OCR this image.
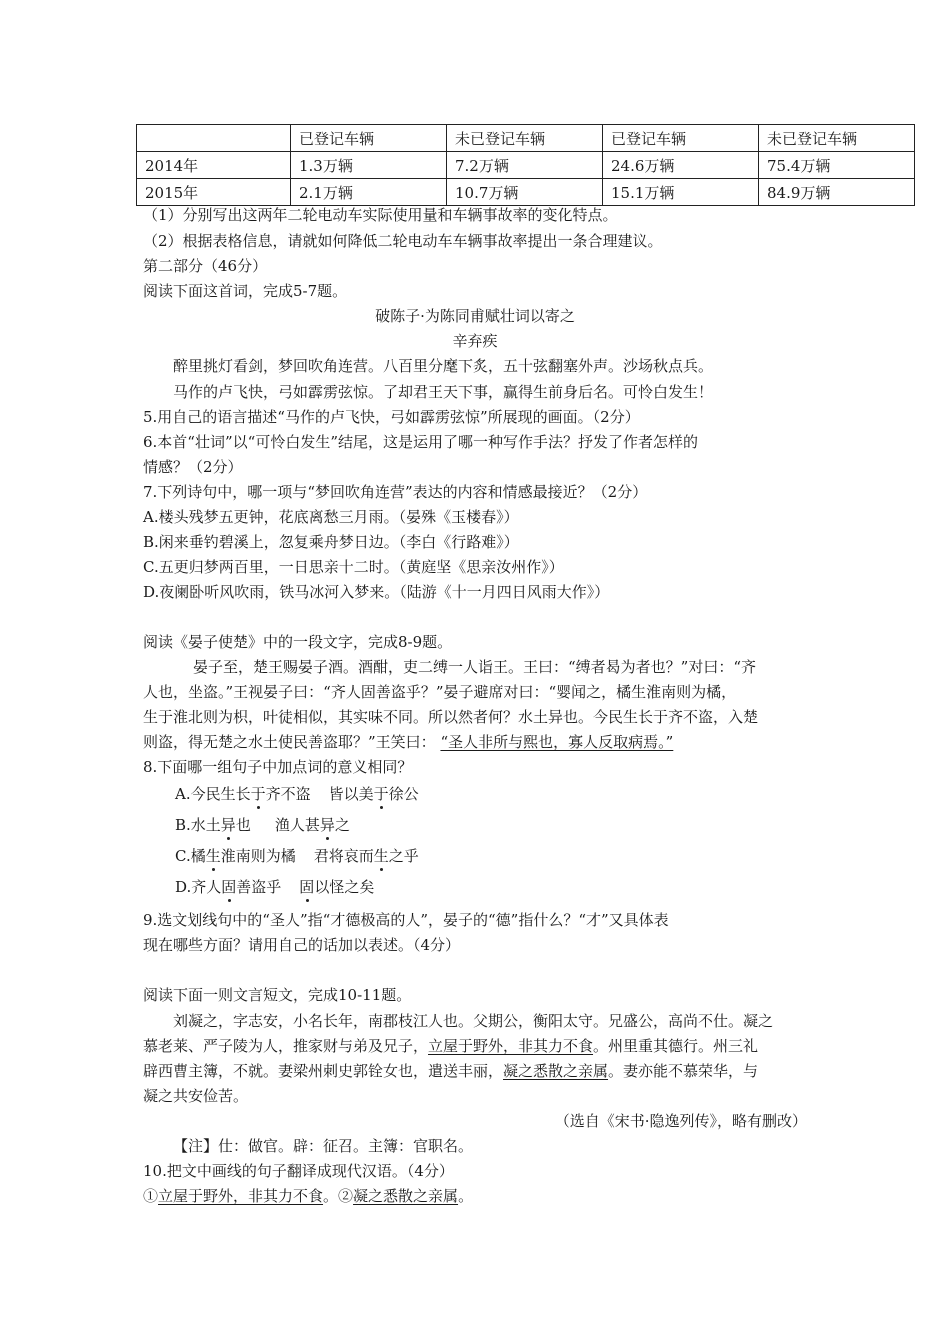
	已登记车辆	未已登记车辆	已登记车辆	未已登记车辆
2014年	1.3万辆	7.2万辆	24.6万辆	75.4万辆
2015年	2.1万辆	10.7万辆	15.1万辆	84.9万辆
（1）分别写出这两年二轮电动车实际使用量和车辆事故率的变化特点。
（2）根据表格信息，请就如何降低二轮电动车车辆事故率提出一条合理建议。
第二部分（46分）
阅读下面这首词，完成5-7题。
破陈子·为陈同甫赋壮词以寄之
辛弃疾
醉里挑灯看剑，梦回吹角连营。八百里分麾下炙，五十弦翻塞外声。沙场秋点兵。
马作的卢飞快，弓如霹雳弦惊。了却君王天下事，赢得生前身后名。可怜白发生！
5.用自己的语言描述“马作的卢飞快，弓如霹雳弦惊”所展现的画面。（2分）
6.本首“壮词”以“可怜白发生”结尾，这是运用了哪一种写作手法？抒发了作者怎样的
情感？（2分）
7.下列诗句中，哪一项与“梦回吹角连营”表达的内容和情感最接近？（2分）
A.楼头残梦五更钟，花底离愁三月雨。（晏殊《玉楼春》）
B.闲来垂钓碧溪上，忽复乘舟梦日边。（李白《行路难》）
C.五更归梦两百里，一日思亲十二时。（黄庭坚《思亲汝州作》）
D.夜阑卧听风吹雨，铁马冰河入梦来。（陆游《十一月四日风雨大作》）
阅读《晏子使楚》中的一段文字，完成8-9题。
晏子至，楚王赐晏子酒。酒酣，吏二缚一人诣王。王曰：“缚者曷为者也？”对曰：“齐
人也，坐盗。”王视晏子曰：“齐人固善盗乎？”晏子避席对曰：“婴闻之，橘生淮南则为橘，
生于淮北则为枳，叶徒相似，其实味不同。所以然者何？水土异也。今民生长于齐不盗，入楚
则盗，得无楚之水土使民善盗耶？”王笑曰： “圣人非所与熙也，寡人反取病焉。”
8.下面哪一组句子中加点词的意义相同？
A.今民生长于齐不盗 皆以美于徐公
B.水土异也 渔人甚异之
C.橘生淮南则为橘 君将哀而生之乎
D.齐人固善盗乎 固以怪之矣
9.选文划线句中的“圣人”指“才德极高的人”，晏子的“德”指什么？“才”又具体表
现在哪些方面？请用自己的话加以表述。（4分）
阅读下面一则文言短文，完成10-11题。
刘凝之，字志安，小名长年，南郡枝江人也。父期公，衡阳太守。兄盛公，高尚不仕。凝之
慕老莱、严子陵为人，推家财与弟及兄子，立屋于野外，非其力不食。州里重其德行。州三礼
辟西曹主簿，不就。妻梁州刺史郭铨女也，遣送丰丽，凝之悉散之亲属。妻亦能不慕荣华，与
凝之共安俭苦。
（选自《宋书·隐逸列传》，略有删改）
【注】仕：做官。辟：征召。主簿：官职名。
10.把文中画线的句子翻译成现代汉语。（4分）
①立屋于野外，非其力不食。②凝之悉散之亲属。
